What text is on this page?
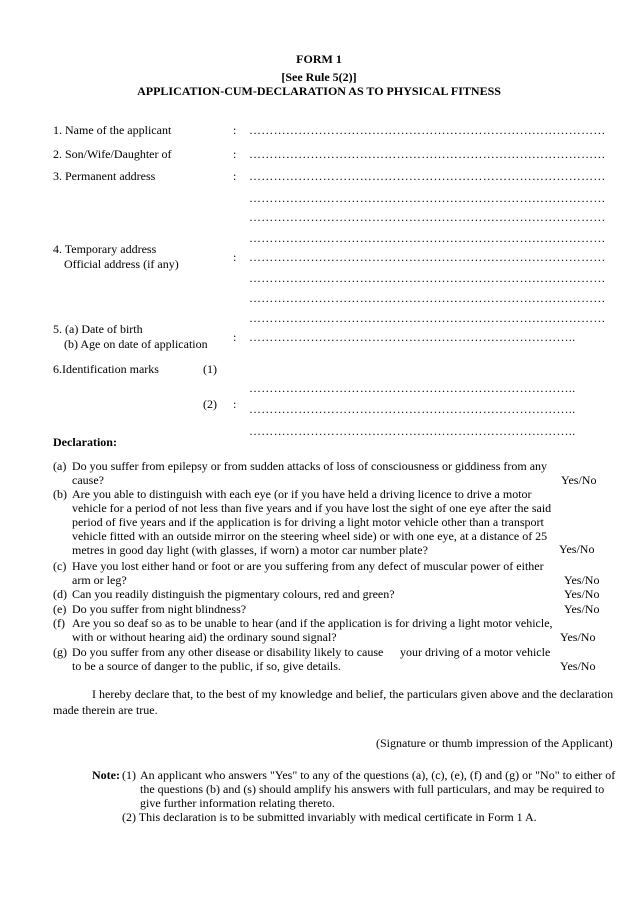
FORM 1
[See Rule 5(2)]
APPLICATION-CUM-DECLARATION AS TO PHYSICAL FITNESS
1. Name of the applicant	: ……………………………………………………………………………
2. Son/Wife/Daughter of	: ……………………………………………………………………………
3. Permanent address	: ……………………………………………………………………………
……………………………………………………………………………
……………………………………………………………………………
……………………………………………………………………………
4. Temporary address
Official address (if any)	: ……………………………………………………………………………
……………………………………………………………………………
……………………………………………………………………………
……………………………………………………………………………
5. (a) Date of birth
(b) Age on date of application : ……………………………………………………………………..
6.Identification marks	(1)
……………………………………………………………………..
(2) : ……………………………………………………………………..
……………………………………………………………………..
Declaration:
(a) Do you suffer from epilepsy or from sudden attacks of loss of consciousness or giddiness from any
cause?	Yes/No
(b) Are you able to distinguish with each eye (or if you have held a driving licence to drive a motor
vehicle for a period of not less than five years and if you have lost the sight of one eye after the said
period of five years and if the application is for driving a light motor vehicle other than a transport
vehicle fitted with an outside mirror on the steering wheel side) or with one eye, at a distance of 25
metres in good day light (with glasses, if worn) a motor car number plate?	Yes/No
(c) Have you lost either hand or foot or are you suffering from any defect of muscular power of either
arm or leg?	Yes/No
(d) Can you readily distinguish the pigmentary colours, red and green?	Yes/No
(e) Do you suffer from night blindness?	Yes/No
(f) Are you so deaf so as to be unable to hear (and if the application is for driving a light motor vehicle,
with or without hearing aid) the ordinary sound signal?	Yes/No
(g) Do you suffer from any other disease or disability likely to cause your driving of a motor vehicle
to be a source of danger to the public, if so, give details.	Yes/No
I hereby declare that, to the best of my knowledge and belief, the particulars given above and the declaration
made therein are true.
(Signature or thumb impression of the Applicant)
Note: (1) An applicant who answers "Yes" to any of the questions (a), (c), (e), (f) and (g) or "No" to either of
the questions (b) and (s) should amplify his answers with full particulars, and may be required to
give further information relating thereto.
(2) This declaration is to be submitted invariably with medical certificate in Form 1 A.
